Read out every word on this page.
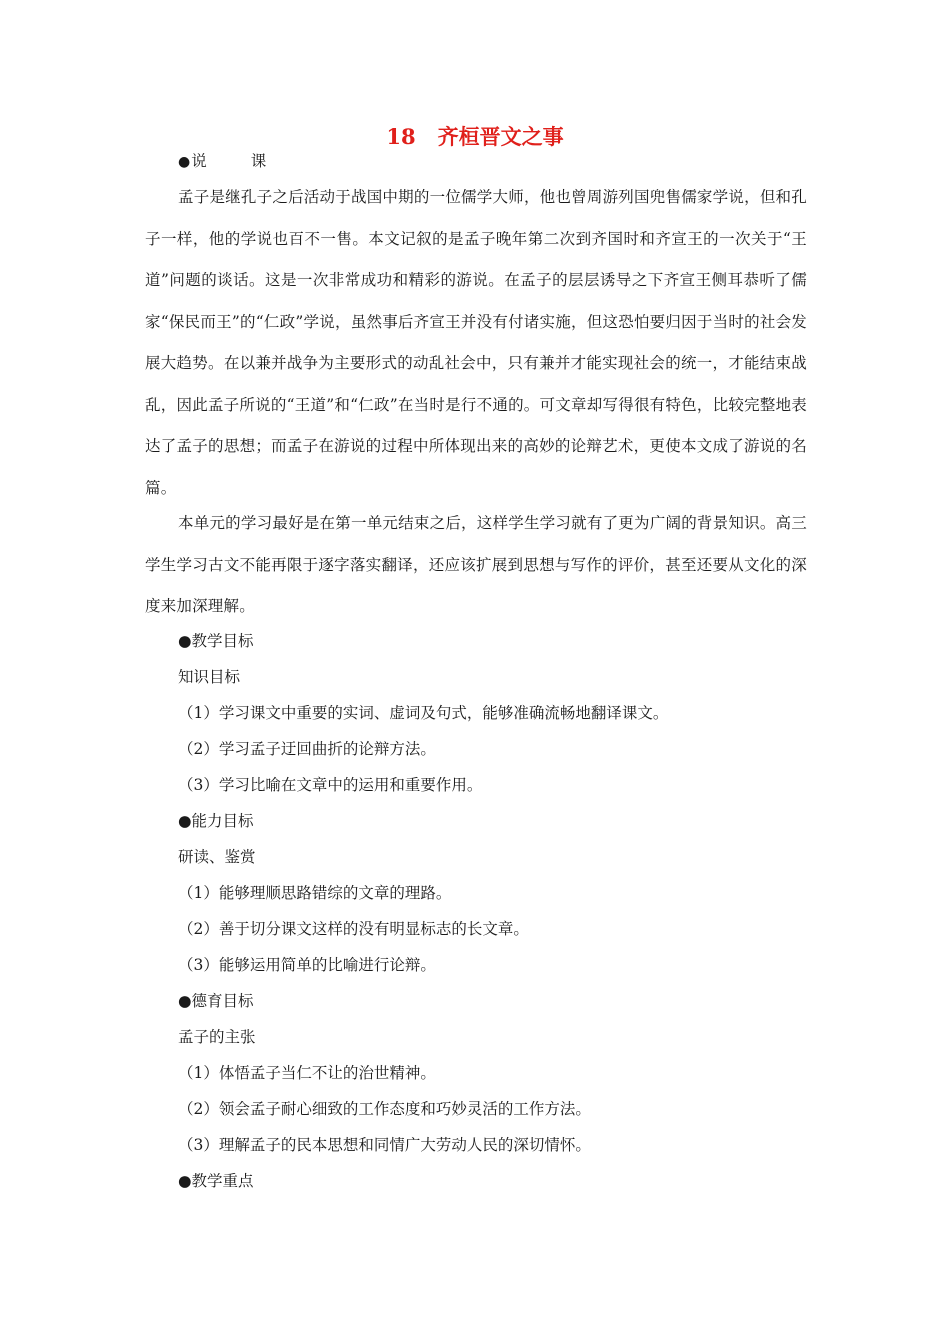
18 齐桓晋文之事
●说	课
孟子是继孔子之后活动于战国中期的一位儒学大师，他也曾周游列国兜售儒家学说，但和孔子一样，他的学说也百不一售。本文记叙的是孟子晚年第二次到齐国时和齐宣王的一次关于“王道”问题的谈话。这是一次非常成功和精彩的游说。在孟子的层层诱导之下齐宣王侧耳恭听了儒家“保民而王”的“仁政”学说，虽然事后齐宣王并没有付诸实施，但这恐怕要归因于当时的社会发展大趋势。在以兼并战争为主要形式的动乱社会中，只有兼并才能实现社会的统一，才能结束战乱，因此孟子所说的“王道”和“仁政”在当时是行不通的。可文章却写得很有特色，比较完整地表达了孟子的思想；而孟子在游说的过程中所体现出来的高妙的论辩艺术，更使本文成了游说的名篇。
本单元的学习最好是在第一单元结束之后，这样学生学习就有了更为广阔的背景知识。高三学生学习古文不能再限于逐字落实翻译，还应该扩展到思想与写作的评价，甚至还要从文化的深度来加深理解。
●教学目标
知识目标
（1）学习课文中重要的实词、虚词及句式，能够准确流畅地翻译课文。
（2）学习孟子迂回曲折的论辩方法。
（3）学习比喻在文章中的运用和重要作用。
●能力目标
研读、鉴赏
（1）能够理顺思路错综的文章的理路。
（2）善于切分课文这样的没有明显标志的长文章。
（3）能够运用简单的比喻进行论辩。
●德育目标
孟子的主张
（1）体悟孟子当仁不让的治世精神。
（2）领会孟子耐心细致的工作态度和巧妙灵活的工作方法。
（3）理解孟子的民本思想和同情广大劳动人民的深切情怀。
●教学重点
